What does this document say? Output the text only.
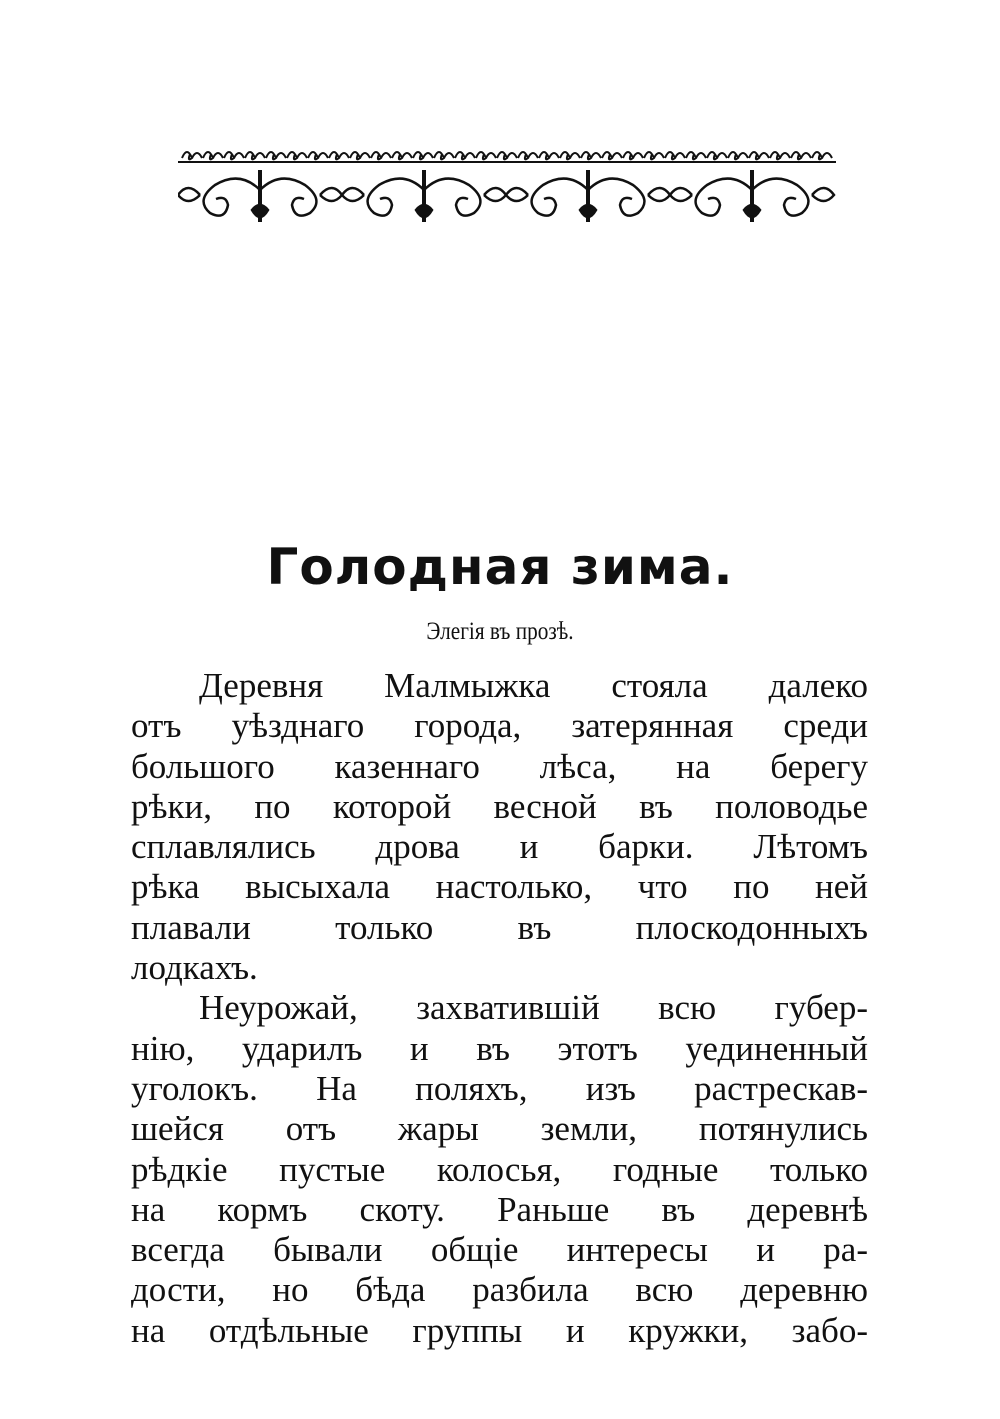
Голодная зима.
Элегія въ прозѣ.
Деревня Малмыжка стояла далеко
отъ уѣзднаго города, затерянная среди
большого казеннаго лѣса, на берегу
рѣки, по которой весной въ половодье
сплавлялись дрова и барки. Лѣтомъ
рѣка высыхала настолько, что по ней
плавали только въ плоскодонныхъ
лодкахъ.
Неурожай, захватившій всю губер-
нію, ударилъ и въ этотъ уединенный
уголокъ. На поляхъ, изъ растрескав-
шейся отъ жары земли, потянулись
рѣдкіе пустые колосья, годные только
на кормъ скоту. Раньше въ деревнѣ
всегда бывали общіе интересы и ра-
дости, но бѣда разбила всю деревню
на отдѣльные группы и кружки, забо-
